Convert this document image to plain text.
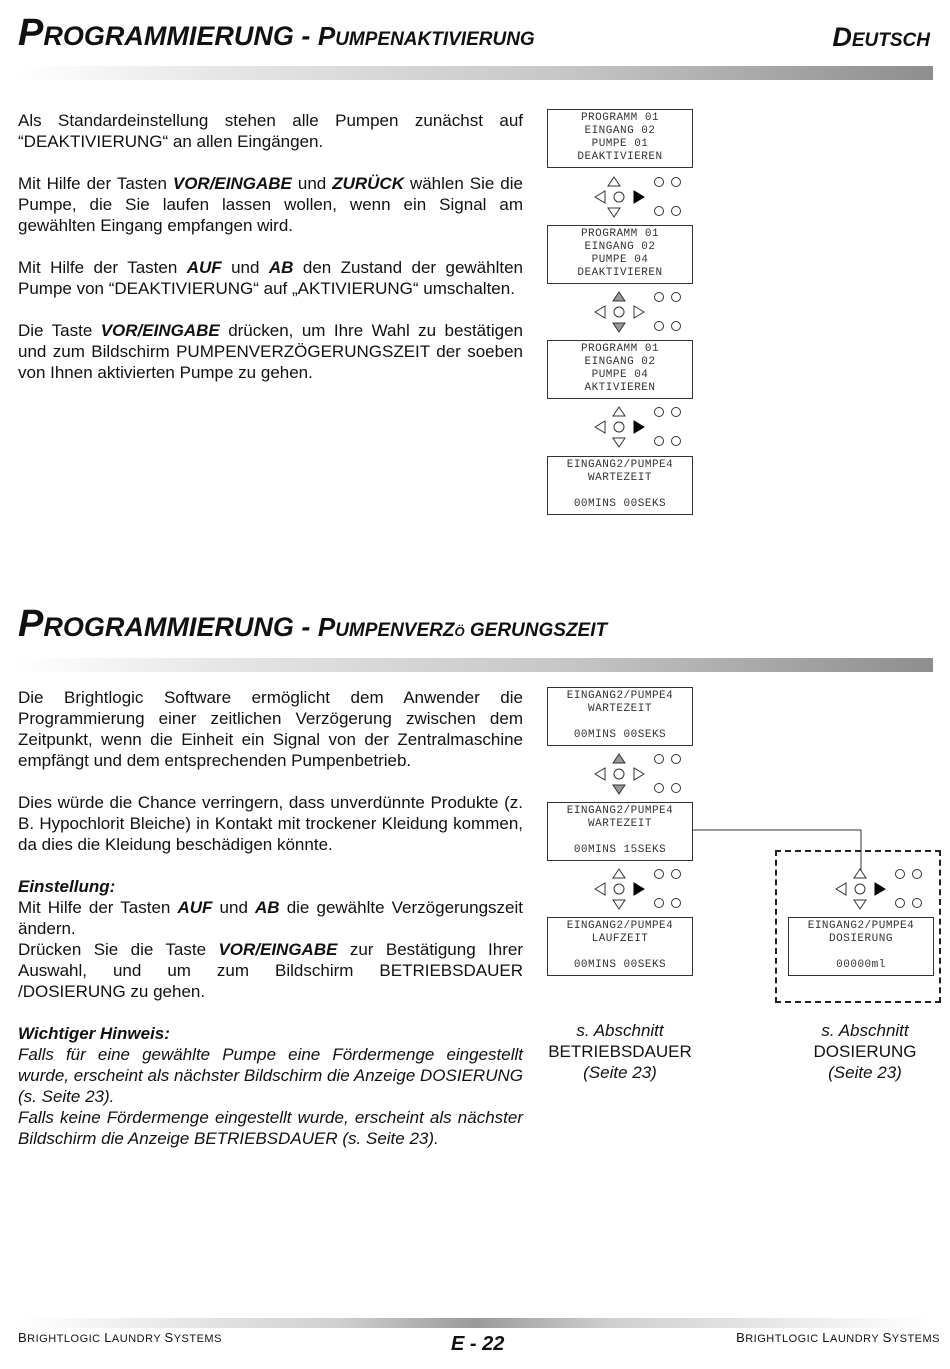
PROGRAMMIERUNG - PUMPENAKTIVIERUNG	DEUTSCH

Als Standardeinstellung stehen alle Pumpen zunächst auf “DEAKTIVIERUNG“ an allen Eingängen.

Mit Hilfe der Tasten VOR/EINGABE und ZURÜCK wählen Sie die Pumpe, die Sie laufen lassen wollen, wenn ein Signal am gewählten Eingang empfangen wird.

Mit Hilfe der Tasten AUF und AB den Zustand der gewählten Pumpe von “DEAKTIVIERUNG“ auf „AKTIVIERUNG“ umschalten.

Die Taste VOR/EINGABE drücken, um Ihre Wahl zu bestätigen und zum Bildschirm PUMPENVERZÖGERUNGSZEIT der soeben von Ihnen aktivierten Pumpe zu gehen.

PROGRAMM 01
EINGANG 02
PUMPE 01
DEAKTIVIEREN
PROGRAMM 01
EINGANG 02
PUMPE 04
DEAKTIVIEREN
PROGRAMM 01
EINGANG 02
PUMPE 04
AKTIVIEREN
EINGANG2/PUMPE4
WARTEZEIT
00MINS 00SEKS
PROGRAMMIERUNG - PUMPENVERZÖ GERUNGSZEIT

Die Brightlogic Software ermöglicht dem Anwender die Programmierung einer zeitlichen Verzögerung zwischen dem Zeitpunkt, wenn die Einheit ein Signal von der Zentralmaschine empfängt und dem entsprechenden Pumpenbetrieb.

Dies würde die Chance verringern, dass unverdünnte Produkte (z. B. Hypochlorit Bleiche) in Kontakt mit trockener Kleidung kommen, da dies die Kleidung beschädigen könnte.

Einstellung:

Mit Hilfe der Tasten AUF und AB die gewählte Verzögerungszeit ändern.

Drücken Sie die Taste VOR/EINGABE zur Bestätigung Ihrer Auswahl, und um zum Bildschirm BETRIEBSDAUER /DOSIERUNG zu gehen.

Wichtiger Hinweis:

Falls für eine gewählte Pumpe eine Fördermenge eingestellt wurde, erscheint als nächster Bildschirm die Anzeige DOSIERUNG (s. Seite 23).

Falls keine Fördermenge eingestellt wurde, erscheint als nächster Bildschirm die Anzeige BETRIEBSDAUER (s. Seite 23).

EINGANG2/PUMPE4
WARTEZEIT
00MINS 00SEKS
EINGANG2/PUMPE4
WARTEZEIT
00MINS 15SEKS
EINGANG2/PUMPE4
LAUFZEIT
00MINS 00SEKS
EINGANG2/PUMPE4
DOSIERUNG
00000ml
s. Abschnitt
BETRIEBSDAUER
(Seite 23)
s. Abschnitt
DOSIERUNG
(Seite 23)
BRIGHTLOGIC LAUNDRY SYSTEMS	E - 22	BRIGHTLOGIC LAUNDRY SYSTEMS
